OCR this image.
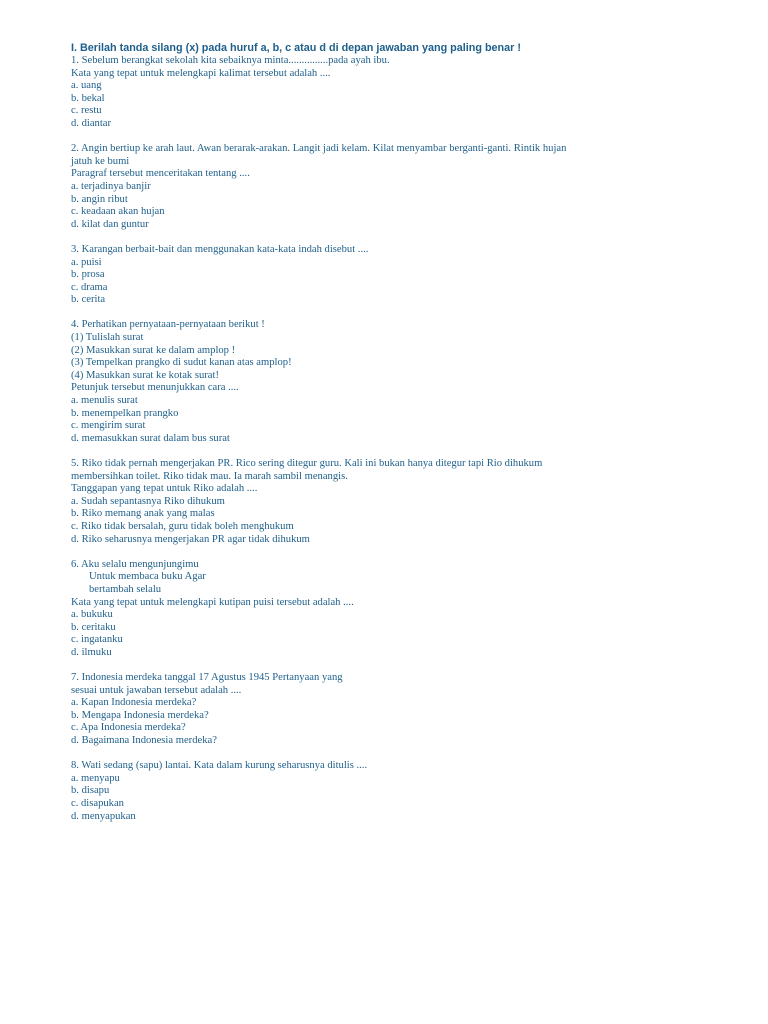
I. Berilah tanda silang (x) pada huruf a, b, c atau d di depan jawaban yang paling benar !
1. Sebelum berangkat sekolah kita sebaiknya minta...............pada ayah ibu.
Kata yang tepat untuk melengkapi kalimat tersebut adalah ....
a. uang
b. bekal
c. restu
d. diantar
2. Angin bertiup ke arah laut. Awan berarak-arakan. Langit jadi kelam. Kilat menyambar berganti-ganti. Rintik hujan
jatuh ke bumi
Paragraf tersebut menceritakan tentang ....
a. terjadinya banjir
b. angin ribut
c. keadaan akan hujan
d. kilat dan guntur
3. Karangan berbait-bait dan menggunakan kata-kata indah disebut ....
a. puisi
b. prosa
c. drama
b. cerita
4. Perhatikan pernyataan-pernyataan berikut !
(1) Tulislah surat
(2) Masukkan surat ke dalam amplop !
(3) Tempelkan prangko di sudut kanan atas amplop!
(4) Masukkan surat ke kotak surat!
Petunjuk tersebut menunjukkan cara ....
a. menulis surat
b. menempelkan prangko
c. mengirim surat
d. memasukkan surat dalam bus surat
5. Riko tidak pernah mengerjakan PR. Rico sering ditegur guru. Kali ini bukan hanya ditegur tapi Rio dihukum
membersihkan toilet. Riko tidak mau. Ia marah sambil menangis.
Tanggapan yang tepat untuk Riko adalah ....
a. Sudah sepantasnya Riko dihukum
b. Riko memang anak yang malas
c. Riko tidak bersalah, guru tidak boleh menghukum
d. Riko seharusnya mengerjakan PR agar tidak dihukum
6. Aku selalu mengunjungimu
Untuk membaca buku Agar
bertambah selalu
Kata yang tepat untuk melengkapi kutipan puisi tersebut adalah ....
a. bukuku
b. ceritaku
c. ingatanku
d. ilmuku
7. Indonesia merdeka tanggal 17 Agustus 1945 Pertanyaan yang
sesuai untuk jawaban tersebut adalah ....
a. Kapan Indonesia merdeka?
b. Mengapa Indonesia merdeka?
c. Apa Indonesia merdeka?
d. Bagaimana Indonesia merdeka?
8. Wati sedang (sapu) lantai. Kata dalam kurung seharusnya ditulis ....
a. menyapu
b. disapu
c. disapukan
d. menyapukan
